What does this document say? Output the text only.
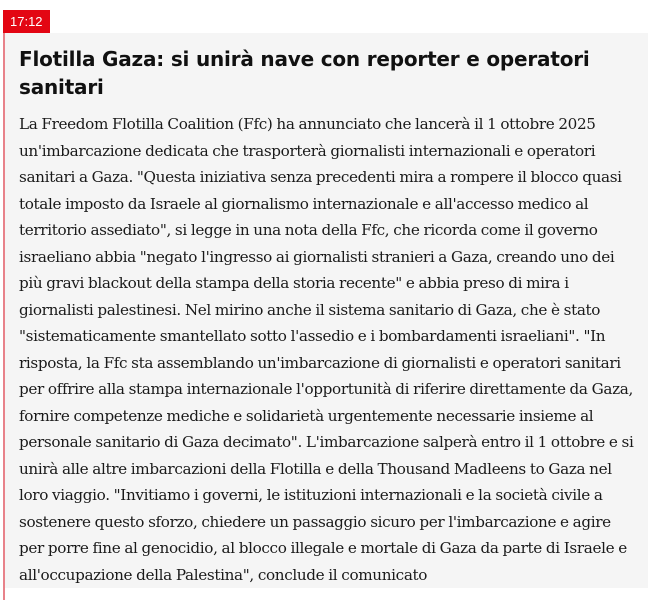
17:12
Flotilla Gaza: si unirà nave con reporter e operatori sanitari

La Freedom Flotilla Coalition (Ffc) ha annunciato che lancerà il 1 ottobre 2025 un'imbarcazione dedicata che trasporterà giornalisti internazionali e operatori sanitari a Gaza. "Questa iniziativa senza precedenti mira a rompere il blocco quasi totale imposto da Israele al giornalismo internazionale e all'accesso medico al territorio assediato", si legge in una nota della Ffc, che ricorda come il governo israeliano abbia "negato l'ingresso ai giornalisti stranieri a Gaza, creando uno dei più gravi blackout della stampa della storia recente" e abbia preso di mira i giornalisti palestinesi. Nel mirino anche il sistema sanitario di Gaza, che è stato "sistematicamente smantellato sotto l'assedio e i bombardamenti israeliani". "In risposta, la Ffc sta assemblando un'imbarcazione di giornalisti e operatori sanitari per offrire alla stampa internazionale l'opportunità di riferire direttamente da Gaza, fornire competenze mediche e solidarietà urgentemente necessarie insieme al personale sanitario di Gaza decimato". L'imbarcazione salperà entro il 1 ottobre e si unirà alle altre imbarcazioni della Flotilla e della Thousand Madleens to Gaza nel loro viaggio. "Invitiamo i governi, le istituzioni internazionali e la società civile a sostenere questo sforzo, chiedere un passaggio sicuro per l'imbarcazione e agire per porre fine al genocidio, al blocco illegale e mortale di Gaza da parte di Israele e all'occupazione della Palestina", conclude il comunicato
